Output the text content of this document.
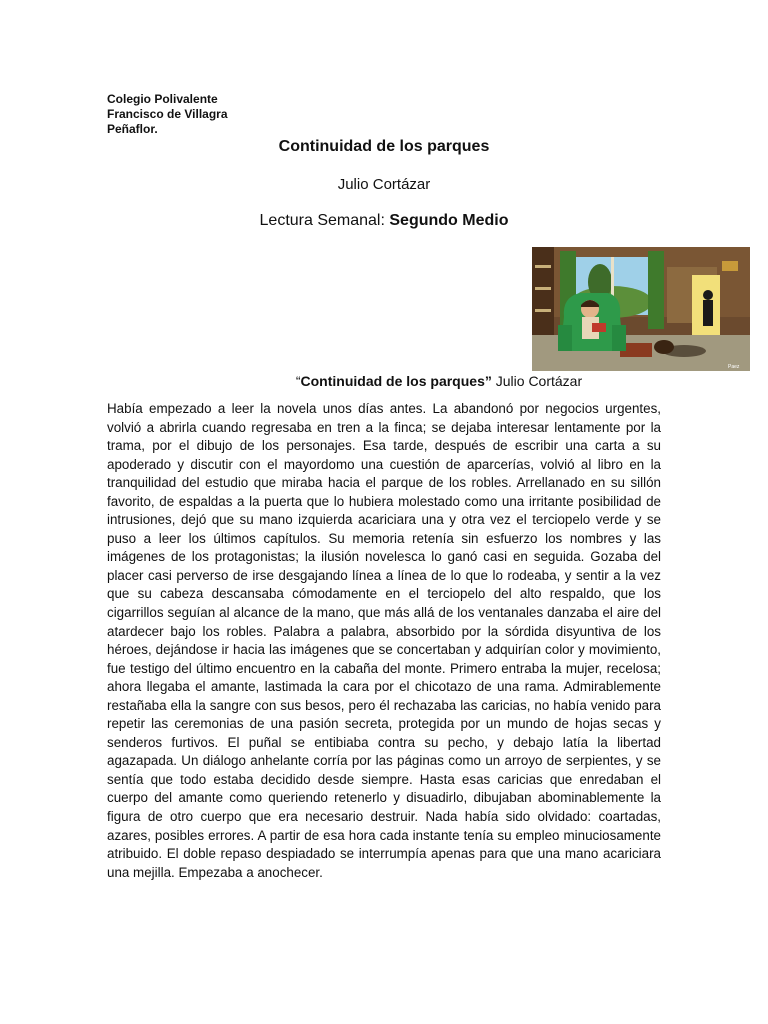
Colegio Polivalente
Francisco de Villagra
Peñaflor.
Continuidad de los parques
Julio Cortázar
Lectura Semanal: Segundo Medio
Paez
“Continuidad de los parques” Julio Cortázar

Había empezado a leer la novela unos días antes. La abandonó por negocios urgentes, volvió a abrirla cuando regresaba en tren a la finca; se dejaba interesar lentamente por la trama, por el dibujo de los personajes. Esa tarde, después de escribir una carta a su apoderado y discutir con el mayordomo una cuestión de aparcerías, volvió al libro en la tranquilidad del estudio que miraba hacia el parque de los robles. Arrellanado en su sillón favorito, de espaldas a la puerta que lo hubiera molestado como una irritante posibilidad de intrusiones, dejó que su mano izquierda acariciara una y otra vez el terciopelo verde y se puso a leer los últimos capítulos. Su memoria retenía sin esfuerzo los nombres y las imágenes de los protagonistas; la ilusión novelesca lo ganó casi en seguida. Gozaba del placer casi perverso de irse desgajando línea a línea de lo que lo rodeaba, y sentir a la vez que su cabeza descansaba cómodamente en el terciopelo del alto respaldo, que los cigarrillos seguían al alcance de la mano, que más allá de los ventanales danzaba el aire del atardecer bajo los robles. Palabra a palabra, absorbido por la sórdida disyuntiva de los héroes, dejándose ir hacia las imágenes que se concertaban y adquirían color y movimiento, fue testigo del último encuentro en la cabaña del monte. Primero entraba la mujer, recelosa; ahora llegaba el amante, lastimada la cara por el chicotazo de una rama. Admirablemente restañaba ella la sangre con sus besos, pero él rechazaba las caricias, no había venido para repetir las ceremonias de una pasión secreta, protegida por un mundo de hojas secas y senderos furtivos. El puñal se entibiaba contra su pecho, y debajo latía la libertad agazapada. Un diálogo anhelante corría por las páginas como un arroyo de serpientes, y se sentía que todo estaba decidido desde siempre. Hasta esas caricias que enredaban el cuerpo del amante como queriendo retenerlo y disuadirlo, dibujaban abominablemente la figura de otro cuerpo que era necesario destruir. Nada había sido olvidado: coartadas, azares, posibles errores. A partir de esa hora cada instante tenía su empleo minuciosamente atribuido. El doble repaso despiadado se interrumpía apenas para que una mano acariciara una mejilla. Empezaba a anochecer.
